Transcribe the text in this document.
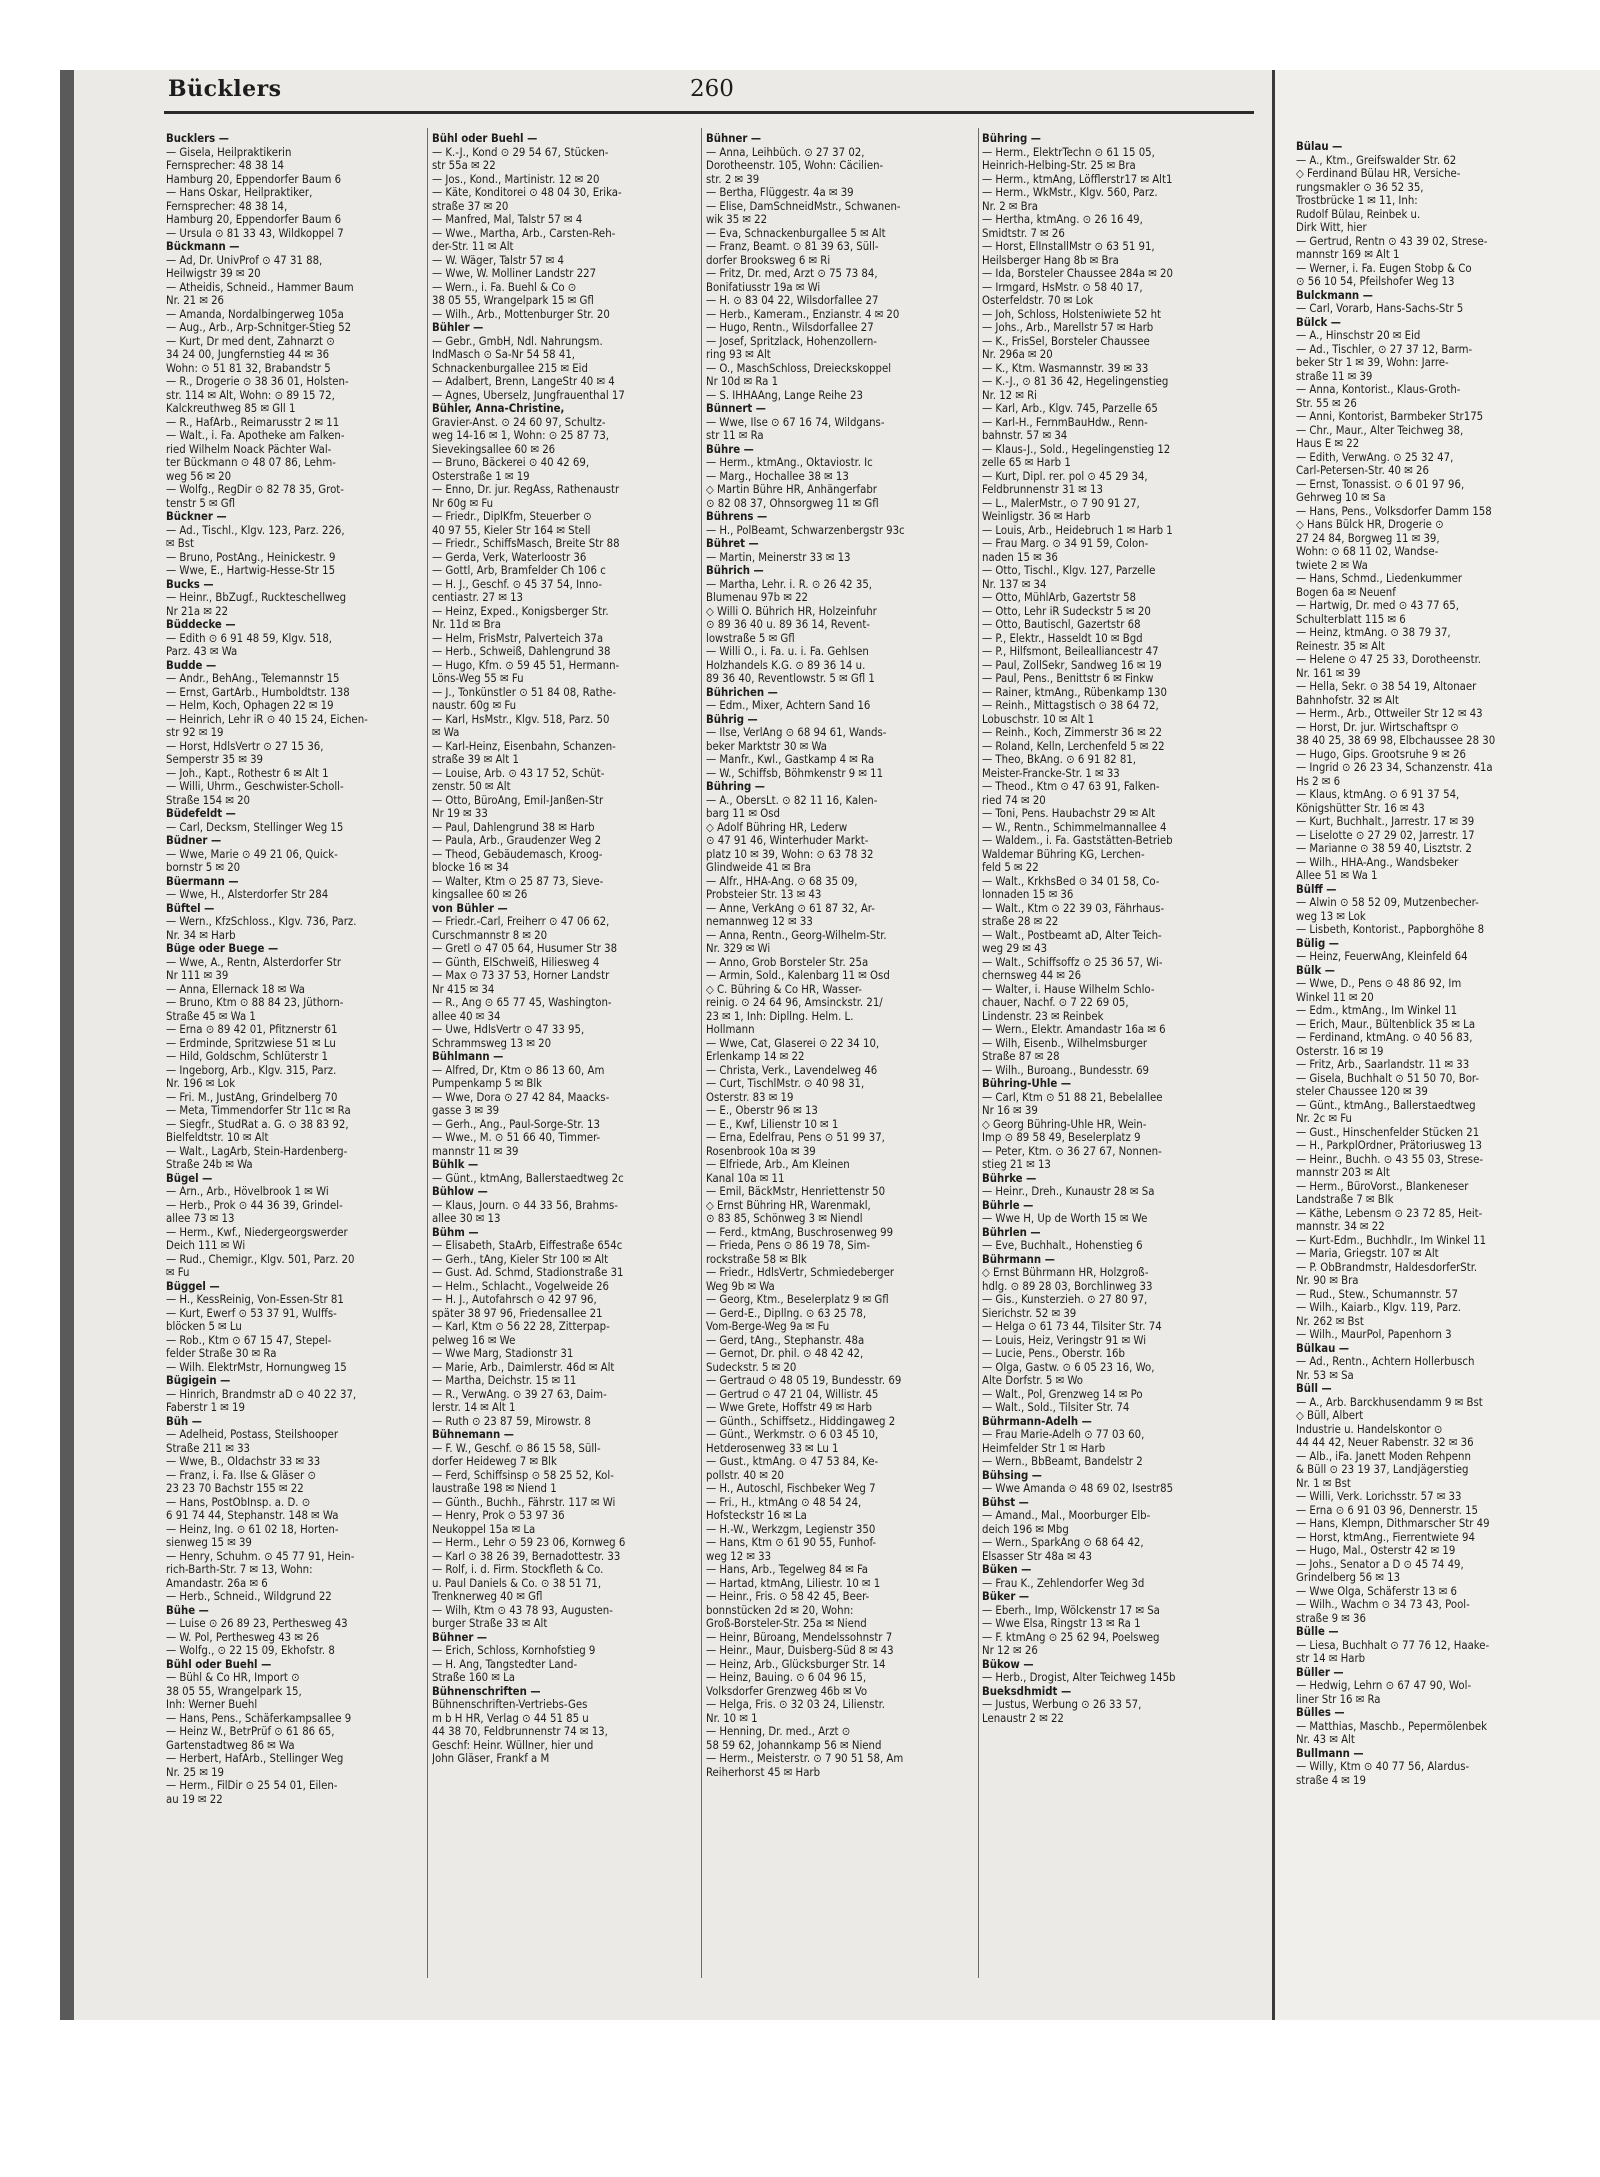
Bücklers	260
Bucklers —
— Gisela, Heilpraktikerin
Fernsprecher: 48 38 14
Hamburg 20, Eppendorfer Baum 6
— Hans Oskar, Heilpraktiker,
Fernsprecher: 48 38 14,
Hamburg 20, Eppendorfer Baum 6
— Ursula ⊙ 81 33 43, Wildkoppel 7
Bückmann —
— Ad, Dr. UnivProf ⊙ 47 31 88,
Heilwigstr 39 ✉ 20
— Atheidis, Schneid., Hammer Baum
Nr. 21 ✉ 26
— Amanda, Nordalbingerweg 105a
— Aug., Arb., Arp-Schnitger-Stieg 52
— Kurt, Dr med dent, Zahnarzt ⊙
34 24 00, Jungfernstieg 44 ✉ 36
Wohn: ⊙ 51 81 32, Brabandstr 5
— R., Drogerie ⊙ 38 36 01, Holsten-
str. 114 ✉ Alt, Wohn: ⊙ 89 15 72,
Kalckreuthweg 85 ✉ Gll 1
— R., HafArb., Reimarusstr 2 ✉ 11
— Walt., i. Fa. Apotheke am Falken-
ried Wilhelm Noack Pächter Wal-
ter Bückmann ⊙ 48 07 86, Lehm-
weg 56 ✉ 20
— Wolfg., RegDir ⊙ 82 78 35, Grot-
tenstr 5 ✉ Gfl
Bückner —
— Ad., Tischl., Klgv. 123, Parz. 226,
✉ Bst
— Bruno, PostAng., Heinickestr. 9
— Wwe, E., Hartwig-Hesse-Str 15
Bucks —
— Heinr., BbZugf., Ruckteschellweg
Nr 21a ✉ 22
Büddecke —
— Edith ⊙ 6 91 48 59, Klgv. 518,
Parz. 43 ✉ Wa
Budde —
— Andr., BehAng., Telemannstr 15
— Ernst, GartArb., Humboldtstr. 138
— Helm, Koch, Ophagen 22 ✉ 19
— Heinrich, Lehr iR ⊙ 40 15 24, Eichen-
str 92 ✉ 19
— Horst, HdlsVertr ⊙ 27 15 36,
Semperstr 35 ✉ 39
— Joh., Kapt., Rothestr 6 ✉ Alt 1
— Willi, Uhrm., Geschwister-Scholl-
Straße 154 ✉ 20
Büdefeldt —
— Carl, Decksm, Stellinger Weg 15
Büdner —
— Wwe, Marie ⊙ 49 21 06, Quick-
bornstr 5 ✉ 20
Büermann —
— Wwe, H., Alsterdorfer Str 284
Büftel —
— Wern., KfzSchloss., Klgv. 736, Parz.
Nr. 34 ✉ Harb
Büge oder Buege —
— Wwe, A., Rentn, Alsterdorfer Str
Nr 111 ✉ 39
— Anna, Ellernack 18 ✉ Wa
— Bruno, Ktm ⊙ 88 84 23, Jüthorn-
Straße 45 ✉ Wa 1
— Erna ⊙ 89 42 01, Pfitznerstr 61
— Erdminde, Spritzwiese 51 ✉ Lu
— Hild, Goldschm, Schlüterstr 1
— Ingeborg, Arb., Klgv. 315, Parz.
Nr. 196 ✉ Lok
— Fri. M., JustAng, Grindelberg 70
— Meta, Timmendorfer Str 11c ✉ Ra
— Siegfr., StudRat a. G. ⊙ 38 83 92,
Bielfeldtstr. 10 ✉ Alt
— Walt., LagArb, Stein-Hardenberg-
Straße 24b ✉ Wa
Bügel —
— Arn., Arb., Hövelbrook 1 ✉ Wi
— Herb., Prok ⊙ 44 36 39, Grindel-
allee 73 ✉ 13
— Herm., Kwf., Niedergeorgswerder
Deich 111 ✉ Wi
— Rud., Chemigr., Klgv. 501, Parz. 20
✉ Fu
Büggel —
— H., KessReinig, Von-Essen-Str 81
— Kurt, Ewerf ⊙ 53 37 91, Wulffs-
blöcken 5 ✉ Lu
— Rob., Ktm ⊙ 67 15 47, Stepel-
felder Straße 30 ✉ Ra
— Wilh. ElektrMstr, Hornungweg 15
Bügigein —
— Hinrich, Brandmstr aD ⊙ 40 22 37,
Faberstr 1 ✉ 19
Büh —
— Adelheid, Postass, Steilshooper
Straße 211 ✉ 33
— Wwe, B., Oldachstr 33 ✉ 33
— Franz, i. Fa. Ilse & Gläser ⊙
23 23 70 Bachstr 155 ✉ 22
— Hans, PostObInsp. a. D. ⊙
6 91 74 44, Stephanstr. 148 ✉ Wa
— Heinz, Ing. ⊙ 61 02 18, Horten-
sienweg 15 ✉ 39
— Henry, Schuhm. ⊙ 45 77 91, Hein-
rich-Barth-Str. 7 ✉ 13, Wohn:
Amandastr. 26a ✉ 6
— Herb., Schneid., Wildgrund 22
Bühe —
— Luise ⊙ 26 89 23, Perthesweg 43
— W. Pol, Perthesweg 43 ✉ 26
— Wolfg., ⊙ 22 15 09, Ekhofstr. 8
Bühl oder Buehl —
— Bühl & Co HR, Import ⊙
38 05 55, Wrangelpark 15,
Inh: Werner Buehl
— Hans, Pens., Schäferkampsallee 9
— Heinz W., BetrPrüf ⊙ 61 86 65,
Gartenstadtweg 86 ✉ Wa
— Herbert, HafArb., Stellinger Weg
Nr. 25 ✉ 19
— Herm., FilDir ⊙ 25 54 01, Eilen-
au 19 ✉ 22
Bühl oder Buehl —
— K.-J., Kond ⊙ 29 54 67, Stücken-
str 55a ✉ 22
— Jos., Kond., Martinistr. 12 ✉ 20
— Käte, Konditorei ⊙ 48 04 30, Erika-
straße 37 ✉ 20
— Manfred, Mal, Talstr 57 ✉ 4
— Wwe., Martha, Arb., Carsten-Reh-
der-Str. 11 ✉ Alt
— W. Wäger, Talstr 57 ✉ 4
— Wwe, W. Molliner Landstr 227
— Wern., i. Fa. Buehl & Co ⊙
38 05 55, Wrangelpark 15 ✉ Gfl
— Wilh., Arb., Mottenburger Str. 20
Bühler —
— Gebr., GmbH, Ndl. Nahrungsm.
IndMasch ⊙ Sa-Nr 54 58 41,
Schnackenburgallee 215 ✉ Eid
— Adalbert, Brenn, LangeStr 40 ✉ 4
— Agnes, Uberselz, Jungfrauenthal 17
Bühler, Anna-Christine,
Gravier-Anst. ⊙ 24 60 97, Schultz-
weg 14-16 ✉ 1, Wohn: ⊙ 25 87 73,
Sievekingsallee 60 ✉ 26
— Bruno, Bäckerei ⊙ 40 42 69,
Osterstraße 1 ✉ 19
— Enno, Dr. jur. RegAss, Rathenaustr
Nr 60g ✉ Fu
— Friedr., DiplKfm, Steuerber ⊙
40 97 55, Kieler Str 164 ✉ Stell
— Friedr., SchiffsMasch, Breite Str 88
— Gerda, Verk, Waterloostr 36
— Gottl, Arb, Bramfelder Ch 106 c
— H. J., Geschf. ⊙ 45 37 54, Inno-
centiastr. 27 ✉ 13
— Heinz, Exped., Konigsberger Str.
Nr. 11d ✉ Bra
— Helm, FrisMstr, Palverteich 37a
— Herb., Schweiß, Dahlengrund 38
— Hugo, Kfm. ⊙ 59 45 51, Hermann-
Löns-Weg 55 ✉ Fu
— J., Tonkünstler ⊙ 51 84 08, Rathe-
naustr. 60g ✉ Fu
— Karl, HsMstr., Klgv. 518, Parz. 50
✉ Wa
— Karl-Heinz, Eisenbahn, Schanzen-
straße 39 ✉ Alt 1
— Louise, Arb. ⊙ 43 17 52, Schüt-
zenstr. 50 ✉ Alt
— Otto, BüroAng, Emil-Janßen-Str
Nr 19 ✉ 33
— Paul, Dahlengrund 38 ✉ Harb
— Paula, Arb., Graudenzer Weg 2
— Theod, Gebäudemasch, Kroog-
blocke 16 ✉ 34
— Walter, Ktm ⊙ 25 87 73, Sieve-
kingsallee 60 ✉ 26
von Bühler —
— Friedr.-Carl, Freiherr ⊙ 47 06 62,
Curschmannstr 8 ✉ 20
— Gretl ⊙ 47 05 64, Husumer Str 38
— Günth, ElSchweiß, Hiliesweg 4
— Max ⊙ 73 37 53, Horner Landstr
Nr 415 ✉ 34
— R., Ang ⊙ 65 77 45, Washington-
allee 40 ✉ 34
— Uwe, HdlsVertr ⊙ 47 33 95,
Schrammsweg 13 ✉ 20
Bühlmann —
— Alfred, Dr, Ktm ⊙ 86 13 60, Am
Pumpenkamp 5 ✉ Blk
— Wwe, Dora ⊙ 27 42 84, Maacks-
gasse 3 ✉ 39
— Gerh., Ang., Paul-Sorge-Str. 13
— Wwe., M. ⊙ 51 66 40, Timmer-
mannstr 11 ✉ 39
Bühlk —
— Günt., ktmAng, Ballerstaedtweg 2c
Bühlow —
— Klaus, Journ. ⊙ 44 33 56, Brahms-
allee 30 ✉ 13
Bühm —
— Elisabeth, StaArb, Eiffestraße 654c
— Gerh., tAng, Kieler Str 100 ✉ Alt
— Gust. Ad. Schmd, Stadionstraße 31
— Helm., Schlacht., Vogelweide 26
— H. J., Autofahrsch ⊙ 42 97 96,
später 38 97 96, Friedensallee 21
— Karl, Ktm ⊙ 56 22 28, Zitterpap-
pelweg 16 ✉ We
— Wwe Marg, Stadionstr 31
— Marie, Arb., Daimlerstr. 46d ✉ Alt
— Martha, Deichstr. 15 ✉ 11
— R., VerwAng. ⊙ 39 27 63, Daim-
lerstr. 14 ✉ Alt 1
— Ruth ⊙ 23 87 59, Mirowstr. 8
Bühnemann —
— F. W., Geschf. ⊙ 86 15 58, Süll-
dorfer Heideweg 7 ✉ Blk
— Ferd, Schiffsinsp ⊙ 58 25 52, Kol-
laustraße 198 ✉ Niend 1
— Günth., Buchh., Fährstr. 117 ✉ Wi
— Henry, Prok ⊙ 53 97 36
Neukoppel 15a ✉ La
— Herm., Lehr ⊙ 59 23 06, Kornweg 6
— Karl ⊙ 38 26 39, Bernadottestr. 33
— Rolf, i. d. Firm. Stockfleth & Co.
u. Paul Daniels & Co. ⊙ 38 51 71,
Trenknerweg 40 ✉ Gfl
— Wilh, Ktm ⊙ 43 78 93, Augusten-
burger Straße 33 ✉ Alt
Bühner —
— Erich, Schloss, Kornhofstieg 9
— H. Ang, Tangstedter Land-
Straße 160 ✉ La
Bühnenschriften —
Bühnenschriften-Vertriebs-Ges
m b H HR, Verlag ⊙ 44 51 85 u
44 38 70, Feldbrunnenstr 74 ✉ 13,
Geschf: Heinr. Wüllner, hier und
John Gläser, Frankf a M
Bühner —
— Anna, Leihbüch. ⊙ 27 37 02,
Dorotheenstr. 105, Wohn: Cäcilien-
str. 2 ✉ 39
— Bertha, Flüggestr. 4a ✉ 39
— Elise, DamSchneidMstr., Schwanen-
wik 35 ✉ 22
— Eva, Schnackenburgallee 5 ✉ Alt
— Franz, Beamt. ⊙ 81 39 63, Süll-
dorfer Brooksweg 6 ✉ Ri
— Fritz, Dr. med, Arzt ⊙ 75 73 84,
Bonifatiusstr 19a ✉ Wi
— H. ⊙ 83 04 22, Wilsdorfallee 27
— Herb., Kameram., Enzianstr. 4 ✉ 20
— Hugo, Rentn., Wilsdorfallee 27
— Josef, Spritzlack, Hohenzollern-
ring 93 ✉ Alt
— O., MaschSchloss, Dreieckskoppel
Nr 10d ✉ Ra 1
— S. IHHAAng, Lange Reihe 23
Bünnert —
— Wwe, Ilse ⊙ 67 16 74, Wildgans-
str 11 ✉ Ra
Bühre —
— Herm., ktmAng., Oktaviostr. Ic
— Marg., Hochallee 38 ✉ 13
◇ Martin Bühre HR, Anhängerfabr
⊙ 82 08 37, Ohnsorgweg 11 ✉ Gfl
Bührens —
— H., PolBeamt, Schwarzenbergstr 93c
Bühret —
— Martin, Meinerstr 33 ✉ 13
Bührich —
— Martha, Lehr. i. R. ⊙ 26 42 35,
Blumenau 97b ✉ 22
◇ Willi O. Bührich HR, Holzeinfuhr
⊙ 89 36 40 u. 89 36 14, Revent-
lowstraße 5 ✉ Gfl
— Willi O., i. Fa. u. i. Fa. Gehlsen
Holzhandels K.G. ⊙ 89 36 14 u.
89 36 40, Reventlowstr. 5 ✉ Gfl 1
Bührichen —
— Edm., Mixer, Achtern Sand 16
Bührig —
— Ilse, VerlAng ⊙ 68 94 61, Wands-
beker Marktstr 30 ✉ Wa
— Manfr., Kwl., Gastkamp 4 ✉ Ra
— W., Schiffsb, Böhmkenstr 9 ✉ 11
Bühring —
— A., ObersLt. ⊙ 82 11 16, Kalen-
barg 11 ✉ Osd
◇ Adolf Bühring HR, Lederw
⊙ 47 91 46, Winterhuder Markt-
platz 10 ✉ 39, Wohn: ⊙ 63 78 32
Glindweide 41 ✉ Bra
— Alfr., HHA-Ang. ⊙ 68 35 09,
Probsteier Str. 13 ✉ 43
— Anne, VerkAng ⊙ 61 87 32, Ar-
nemannweg 12 ✉ 33
— Anna, Rentn., Georg-Wilhelm-Str.
Nr. 329 ✉ Wi
— Anno, Grob Borsteler Str. 25a
— Armin, Sold., Kalenbarg 11 ✉ Osd
◇ C. Bühring & Co HR, Wasser-
reinig. ⊙ 24 64 96, Amsinckstr. 21/
23 ✉ 1, Inh: Dipllng. Helm. L.
Hollmann
— Wwe, Cat, Glaserei ⊙ 22 34 10,
Erlenkamp 14 ✉ 22
— Christa, Verk., Lavendelweg 46
— Curt, TischlMstr. ⊙ 40 98 31,
Osterstr. 83 ✉ 19
— E., Oberstr 96 ✉ 13
— E., Kwf, Lilienstr 10 ✉ 1
— Erna, Edelfrau, Pens ⊙ 51 99 37,
Rosenbrook 10a ✉ 39
— Elfriede, Arb., Am Kleinen
Kanal 10a ✉ 11
— Emil, BäckMstr, Henriettenstr 50
◇ Ernst Bühring HR, Warenmakl,
⊙ 83 85, Schönweg 3 ✉ Niendl
— Ferd., ktmAng, Buschrosenweg 99
— Frieda, Pens ⊙ 86 19 78, Sim-
rockstraße 58 ✉ Blk
— Friedr., HdlsVertr, Schmiedeberger
Weg 9b ✉ Wa
— Georg, Ktm., Beselerplatz 9 ✉ Gfl
— Gerd-E., Dipllng. ⊙ 63 25 78,
Vom-Berge-Weg 9a ✉ Fu
— Gerd, tAng., Stephanstr. 48a
— Gernot, Dr. phil. ⊙ 48 42 42,
Sudeckstr. 5 ✉ 20
— Gertraud ⊙ 48 05 19, Bundesstr. 69
— Gertrud ⊙ 47 21 04, Willistr. 45
— Wwe Grete, Hoffstr 49 ✉ Harb
— Günth., Schiffsetz., Hiddingaweg 2
— Günt., Werkmstr. ⊙ 6 03 45 10,
Hetderosenweg 33 ✉ Lu 1
— Gust., ktmAng. ⊙ 47 53 84, Ke-
pollstr. 40 ✉ 20
— H., Autoschl, Fischbeker Weg 7
— Fri., H., ktmAng ⊙ 48 54 24,
Hofsteckstr 16 ✉ La
— H.-W., Werkzgm, Legienstr 350
— Hans, Ktm ⊙ 61 90 55, Funhof-
weg 12 ✉ 33
— Hans, Arb., Tegelweg 84 ✉ Fa
— Hartad, ktmAng, Liliestr. 10 ✉ 1
— Heinr., Fris. ⊙ 58 42 45, Beer-
bonnstücken 2d ✉ 20, Wohn:
Groß-Borsteler-Str. 25a ✉ Niend
— Heinr, Büroang, Mendelssohnstr 7
— Heinr., Maur, Duisberg-Süd 8 ✉ 43
— Heinz, Arb., Glücksburger Str. 14
— Heinz, Bauing. ⊙ 6 04 96 15,
Volksdorfer Grenzweg 46b ✉ Vo
— Helga, Fris. ⊙ 32 03 24, Lilienstr.
Nr. 10 ✉ 1
— Henning, Dr. med., Arzt ⊙
58 59 62, Johannkamp 56 ✉ Niend
— Herm., Meisterstr. ⊙ 7 90 51 58, Am
Reiherhorst 45 ✉ Harb
Bühring —
— Herm., ElektrTechn ⊙ 61 15 05,
Heinrich-Helbing-Str. 25 ✉ Bra
— Herm., ktmAng, Löfflerstr17 ✉ Alt1
— Herm., WkMstr., Klgv. 560, Parz.
Nr. 2 ✉ Bra
— Hertha, ktmAng. ⊙ 26 16 49,
Smidtstr. 7 ✉ 26
— Horst, ElInstallMstr ⊙ 63 51 91,
Heilsberger Hang 8b ✉ Bra
— Ida, Borsteler Chaussee 284a ✉ 20
— Irmgard, HsMstr. ⊙ 58 40 17,
Osterfeldstr. 70 ✉ Lok
— Joh, Schloss, Holsteniwiete 52 ht
— Johs., Arb., Marellstr 57 ✉ Harb
— K., FrisSel, Borsteler Chaussee
Nr. 296a ✉ 20
— K., Ktm. Wasmannstr. 39 ✉ 33
— K.-J., ⊙ 81 36 42, Hegelingenstieg
Nr. 12 ✉ Ri
— Karl, Arb., Klgv. 745, Parzelle 65
— Karl-H., FernmBauHdw., Renn-
bahnstr. 57 ✉ 34
— Klaus-J., Sold., Hegelingenstieg 12
zelle 65 ✉ Harb 1
— Kurt, Dipl. rer. pol ⊙ 45 29 34,
Feldbrunnenstr 31 ✉ 13
— L., MalerMstr., ⊙ 7 90 91 27,
Weinligstr. 36 ✉ Harb
— Louis, Arb., Heidebruch 1 ✉ Harb 1
— Frau Marg. ⊙ 34 91 59, Colon-
naden 15 ✉ 36
— Otto, Tischl., Klgv. 127, Parzelle
Nr. 137 ✉ 34
— Otto, MühlArb, Gazertstr 58
— Otto, Lehr iR Sudeckstr 5 ✉ 20
— Otto, Bautischl, Gazertstr 68
— P., Elektr., Hasseldt 10 ✉ Bgd
— P., Hilfsmont, Beilealliancestr 47
— Paul, ZollSekr, Sandweg 16 ✉ 19
— Paul, Pens., Benittstr 6 ✉ Finkw
— Rainer, ktmAng., Rübenkamp 130
— Reinh., Mittagstisch ⊙ 38 64 72,
Lobuschstr. 10 ✉ Alt 1
— Reinh., Koch, Zimmerstr 36 ✉ 22
— Roland, Kelln, Lerchenfeld 5 ✉ 22
— Theo, BkAng. ⊙ 6 91 82 81,
Meister-Francke-Str. 1 ✉ 33
— Theod., Ktm ⊙ 47 63 91, Falken-
ried 74 ✉ 20
— Toni, Pens. Haubachstr 29 ✉ Alt
— W., Rentn., Schimmelmannallee 4
— Waldem., i. Fa. Gaststätten-Betrieb
Waldemar Bühring KG, Lerchen-
feld 5 ✉ 22
— Walt., KrkhsBed ⊙ 34 01 58, Co-
lonnaden 15 ✉ 36
— Walt., Ktm ⊙ 22 39 03, Fährhaus-
straße 28 ✉ 22
— Walt., Postbeamt aD, Alter Teich-
weg 29 ✉ 43
— Walt., Schiffsoffz ⊙ 25 36 57, Wi-
chernsweg 44 ✉ 26
— Walter, i. Hause Wilhelm Schlo-
chauer, Nachf. ⊙ 7 22 69 05,
Lindenstr. 23 ✉ Reinbek
— Wern., Elektr. Amandastr 16a ✉ 6
— Wilh, Eisenb., Wilhelmsburger
Straße 87 ✉ 28
— Wilh., Buroang., Bundesstr. 69
Bühring-Uhle —
— Carl, Ktm ⊙ 51 88 21, Bebelallee
Nr 16 ✉ 39
◇ Georg Bühring-Uhle HR, Wein-
Imp ⊙ 89 58 49, Beselerplatz 9
— Peter, Ktm. ⊙ 36 27 67, Nonnen-
stieg 21 ✉ 13
Bührke —
— Heinr., Dreh., Kunaustr 28 ✉ Sa
Bührle —
— Wwe H, Up de Worth 15 ✉ We
Bührlen —
— Eve, Buchhalt., Hohenstieg 6
Bührmann —
◇ Ernst Bührmann HR, Holzgroß-
hdlg. ⊙ 89 28 03, Borchlinweg 33
— Gis., Kunsterzieh. ⊙ 27 80 97,
Sierichstr. 52 ✉ 39
— Helga ⊙ 61 73 44, Tilsiter Str. 74
— Louis, Heiz, Veringstr 91 ✉ Wi
— Lucie, Pens., Oberstr. 16b
— Olga, Gastw. ⊙ 6 05 23 16, Wo,
Alte Dorfstr. 5 ✉ Wo
— Walt., Pol, Grenzweg 14 ✉ Po
— Walt., Sold., Tilsiter Str. 74
Bührmann-Adelh —
— Frau Marie-Adelh ⊙ 77 03 60,
Heimfelder Str 1 ✉ Harb
— Wern., BbBeamt, Bandelstr 2
Bühsing —
— Wwe Amanda ⊙ 48 69 02, Isestr85
Bühst —
— Amand., Mal., Moorburger Elb-
deich 196 ✉ Mbg
— Wern., SparkAng ⊙ 68 64 42,
Elsasser Str 48a ✉ 43
Büken —
— Frau K., Zehlendorfer Weg 3d
Büker —
— Eberh., Imp, Wölckenstr 17 ✉ Sa
— Wwe Elsa, Ringstr 13 ✉ Ra 1
— F. ktmAng ⊙ 25 62 94, Poelsweg
Nr 12 ✉ 26
Bükow —
— Herb., Drogist, Alter Teichweg 145b
Bueksdhmidt —
— Justus, Werbung ⊙ 26 33 57,
Lenaustr 2 ✉ 22
Bülau —
— A., Ktm., Greifswalder Str. 62
◇ Ferdinand Bülau HR, Versiche-
rungsmakler ⊙ 36 52 35,
Trostbrücke 1 ✉ 11, Inh:
Rudolf Bülau, Reinbek u.
Dirk Witt, hier
— Gertrud, Rentn ⊙ 43 39 02, Strese-
mannstr 169 ✉ Alt 1
— Werner, i. Fa. Eugen Stobp & Co
⊙ 56 10 54, Pfeilshofer Weg 13
Bulckmann —
— Carl, Vorarb, Hans-Sachs-Str 5
Bülck —
— A., Hinschstr 20 ✉ Eid
— Ad., Tischler, ⊙ 27 37 12, Barm-
beker Str 1 ✉ 39, Wohn: Jarre-
straße 11 ✉ 39
— Anna, Kontorist., Klaus-Groth-
Str. 55 ✉ 26
— Anni, Kontorist, Barmbeker Str175
— Chr., Maur., Alter Teichweg 38,
Haus E ✉ 22
— Edith, VerwAng. ⊙ 25 32 47,
Carl-Petersen-Str. 40 ✉ 26
— Ernst, Tonassist. ⊙ 6 01 97 96,
Gehrweg 10 ✉ Sa
— Hans, Pens., Volksdorfer Damm 158
◇ Hans Bülck HR, Drogerie ⊙
27 24 84, Borgweg 11 ✉ 39,
Wohn: ⊙ 68 11 02, Wandse-
twiete 2 ✉ Wa
— Hans, Schmd., Liedenkummer
Bogen 6a ✉ Neuenf
— Hartwig, Dr. med ⊙ 43 77 65,
Schulterblatt 115 ✉ 6
— Heinz, ktmAng. ⊙ 38 79 37,
Reinestr. 35 ✉ Alt
— Helene ⊙ 47 25 33, Dorotheenstr.
Nr. 161 ✉ 39
— Hella, Sekr. ⊙ 38 54 19, Altonaer
Bahnhofstr. 32 ✉ Alt
— Herm., Arb., Ottweiler Str 12 ✉ 43
— Horst, Dr. jur. Wirtschaftspr ⊙
38 40 25, 38 69 98, Elbchaussee 28 30
— Hugo, Gips. Grootsruhe 9 ✉ 26
— Ingrid ⊙ 26 23 34, Schanzenstr. 41a
Hs 2 ✉ 6
— Klaus, ktmAng. ⊙ 6 91 37 54,
Königshütter Str. 16 ✉ 43
— Kurt, Buchhalt., Jarrestr. 17 ✉ 39
— Liselotte ⊙ 27 29 02, Jarrestr. 17
— Marianne ⊙ 38 59 40, Lisztstr. 2
— Wilh., HHA-Ang., Wandsbeker
Allee 51 ✉ Wa 1
Bülff —
— Alwin ⊙ 58 52 09, Mutzenbecher-
weg 13 ✉ Lok
— Lisbeth, Kontorist., Papborghöhe 8
Bülig —
— Heinz, FeuerwAng, Kleinfeld 64
Bülk —
— Wwe, D., Pens ⊙ 48 86 92, Im
Winkel 11 ✉ 20
— Edm., ktmAng., Im Winkel 11
— Erich, Maur., Bültenblick 35 ✉ La
— Ferdinand, ktmAng. ⊙ 40 56 83,
Osterstr. 16 ✉ 19
— Fritz, Arb., Saarlandstr. 11 ✉ 33
— Gisela, Buchhalt ⊙ 51 50 70, Bor-
steler Chaussee 120 ✉ 39
— Günt., ktmAng., Ballerstaedtweg
Nr. 2c ✉ Fu
— Gust., Hinschenfelder Stücken 21
— H., ParkplOrdner, Prätoriusweg 13
— Heinr., Buchh. ⊙ 43 55 03, Strese-
mannstr 203 ✉ Alt
— Herm., BüroVorst., Blankeneser
Landstraße 7 ✉ Blk
— Käthe, Lebensm ⊙ 23 72 85, Heit-
mannstr. 34 ✉ 22
— Kurt-Edm., Buchhdlr., Im Winkel 11
— Maria, Griegstr. 107 ✉ Alt
— P. ObBrandmstr, HaldesdorferStr.
Nr. 90 ✉ Bra
— Rud., Stew., Schumannstr. 57
— Wilh., Kaiarb., Klgv. 119, Parz.
Nr. 262 ✉ Bst
— Wilh., MaurPol, Papenhorn 3
Bülkau —
— Ad., Rentn., Achtern Hollerbusch
Nr. 53 ✉ Sa
Büll —
— A., Arb. Barckhusendamm 9 ✉ Bst
◇ Büll, Albert
Industrie u. Handelskontor ⊙
44 44 42, Neuer Rabenstr. 32 ✉ 36
— Alb., iFa. Janett Moden Rehpenn
& Büll ⊙ 23 19 37, Landjägerstieg
Nr. 1 ✉ Bst
— Willi, Verk. Lorichsstr. 57 ✉ 33
— Erna ⊙ 6 91 03 96, Dennerstr. 15
— Hans, Klempn, Dithmarscher Str 49
— Horst, ktmAng., Fierrentwiete 94
— Hugo, Mal., Osterstr 42 ✉ 19
— Johs., Senator a D ⊙ 45 74 49,
Grindelberg 56 ✉ 13
— Wwe Olga, Schäferstr 13 ✉ 6
— Wilh., Wachm ⊙ 34 73 43, Pool-
straße 9 ✉ 36
Bülle —
— Liesa, Buchhalt ⊙ 77 76 12, Haake-
str 14 ✉ Harb
Büller —
— Hedwig, Lehrn ⊙ 67 47 90, Wol-
liner Str 16 ✉ Ra
Bülles —
— Matthias, Maschb., Pepermölenbek
Nr. 43 ✉ Alt
Bullmann —
— Willy, Ktm ⊙ 40 77 56, Alardus-
straße 4 ✉ 19
